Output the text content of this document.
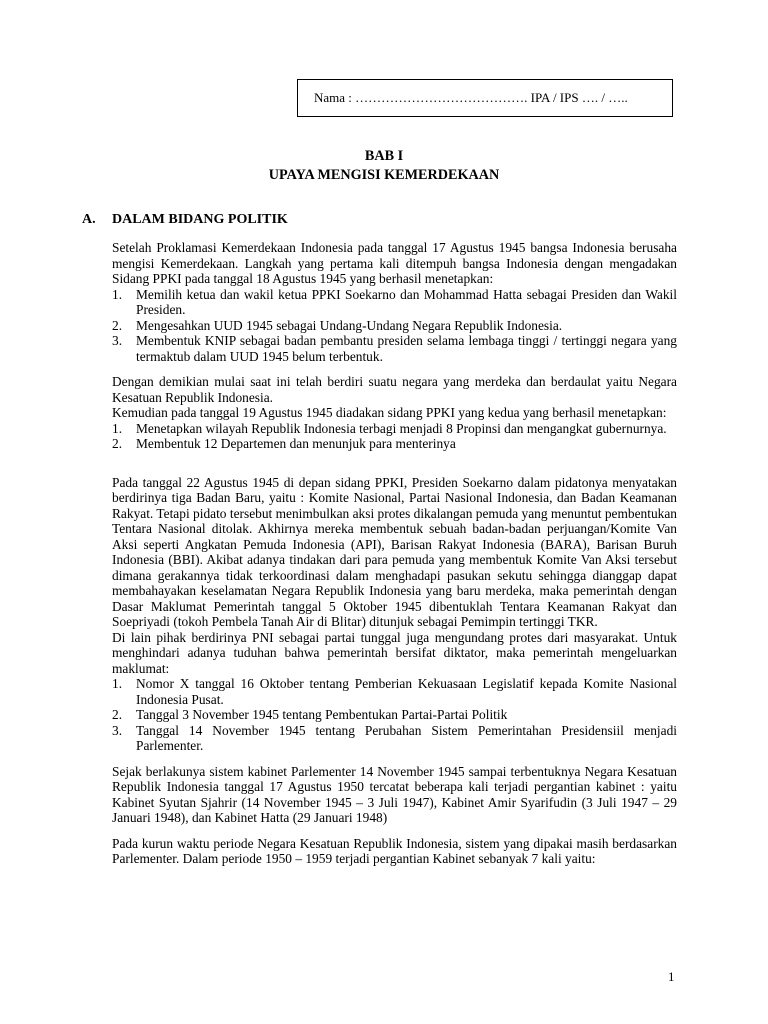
Nama : …………………………………. IPA / IPS …. / …..
BAB I
UPAYA MENGISI KEMERDEKAAN
A. DALAM BIDANG POLITIK

Setelah Proklamasi Kemerdekaan Indonesia pada tanggal 17 Agustus 1945 bangsa Indonesia berusaha mengisi Kemerdekaan. Langkah yang pertama kali ditempuh bangsa Indonesia dengan mengadakan Sidang PPKI pada tanggal 18 Agustus 1945 yang berhasil menetapkan:

1. Memilih ketua dan wakil ketua PPKI Soekarno dan Mohammad Hatta sebagai Presiden dan Wakil Presiden.
2. Mengesahkan UUD 1945 sebagai Undang-Undang Negara Republik Indonesia.
3. Membentuk KNIP sebagai badan pembantu presiden selama lembaga tinggi / tertinggi negara yang termaktub dalam UUD 1945 belum terbentuk.

Dengan demikian mulai saat ini telah berdiri suatu negara yang merdeka dan berdaulat yaitu Negara Kesatuan Republik Indonesia.

Kemudian pada tanggal 19 Agustus 1945 diadakan sidang PPKI yang kedua yang berhasil menetapkan:

1. Menetapkan wilayah Republik Indonesia terbagi menjadi 8 Propinsi dan mengangkat gubernurnya.
2. Membentuk 12 Departemen dan menunjuk para menterinya

Pada tanggal 22 Agustus 1945 di depan sidang PPKI, Presiden Soekarno dalam pidatonya menyatakan berdirinya tiga Badan Baru, yaitu : Komite Nasional, Partai Nasional Indonesia, dan Badan Keamanan Rakyat. Tetapi pidato tersebut menimbulkan aksi protes dikalangan pemuda yang menuntut pembentukan Tentara Nasional ditolak. Akhirnya mereka membentuk sebuah badan-badan perjuangan/Komite Van Aksi seperti Angkatan Pemuda Indonesia (API), Barisan Rakyat Indonesia (BARA), Barisan Buruh Indonesia (BBI). Akibat adanya tindakan dari para pemuda yang membentuk Komite Van Aksi tersebut dimana gerakannya tidak terkoordinasi dalam menghadapi pasukan sekutu sehingga dianggap dapat membahayakan keselamatan Negara Republik Indonesia yang baru merdeka, maka pemerintah dengan Dasar Maklumat Pemerintah tanggal 5 Oktober 1945 dibentuklah Tentara Keamanan Rakyat dan Soepriyadi (tokoh Pembela Tanah Air di Blitar) ditunjuk sebagai Pemimpin tertinggi TKR.

Di lain pihak berdirinya PNI sebagai partai tunggal juga mengundang protes dari masyarakat. Untuk menghindari adanya tuduhan bahwa pemerintah bersifat diktator, maka pemerintah mengeluarkan maklumat:

1. Nomor X tanggal 16 Oktober tentang Pemberian Kekuasaan Legislatif kepada Komite Nasional Indonesia Pusat.
2. Tanggal 3 November 1945 tentang Pembentukan Partai-Partai Politik
3. Tanggal 14 November 1945 tentang Perubahan Sistem Pemerintahan Presidensiil menjadi Parlementer.

Sejak berlakunya sistem kabinet Parlementer 14 November 1945 sampai terbentuknya Negara Kesatuan Republik Indonesia tanggal 17 Agustus 1950 tercatat beberapa kali terjadi pergantian kabinet : yaitu Kabinet Syutan Sjahrir (14 November 1945 – 3 Juli 1947), Kabinet Amir Syarifudin (3 Juli 1947 – 29 Januari 1948), dan Kabinet Hatta (29 Januari 1948)

Pada kurun waktu periode Negara Kesatuan Republik Indonesia, sistem yang dipakai masih berdasarkan Parlementer. Dalam periode 1950 – 1959 terjadi pergantian Kabinet sebanyak 7 kali yaitu:

1
